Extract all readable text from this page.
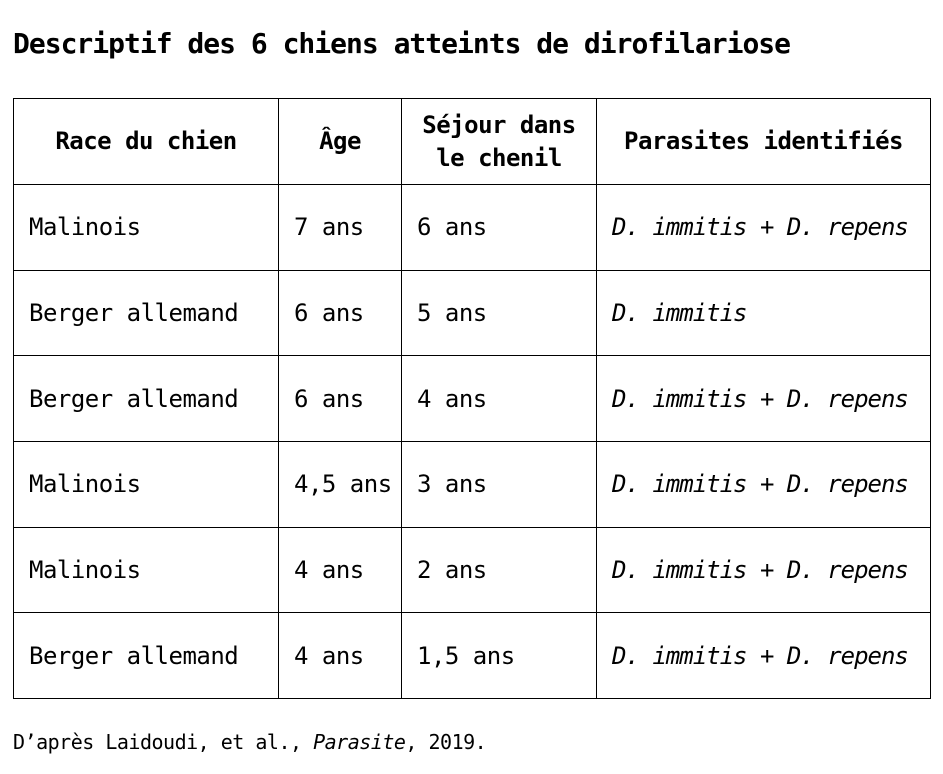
Descriptif des 6 chiens atteints de dirofilariose
Race du chien	Âge	Séjour dans le chenil	Parasites identifiés
Malinois	7 ans	6 ans	D. immitis + D. repens
Berger allemand	6 ans	5 ans	D. immitis
Berger allemand	6 ans	4 ans	D. immitis + D. repens
Malinois	4,5 ans	3 ans	D. immitis + D. repens
Malinois	4 ans	2 ans	D. immitis + D. repens
Berger allemand	4 ans	1,5 ans	D. immitis + D. repens
D’après Laidoudi, et al., Parasite, 2019.
